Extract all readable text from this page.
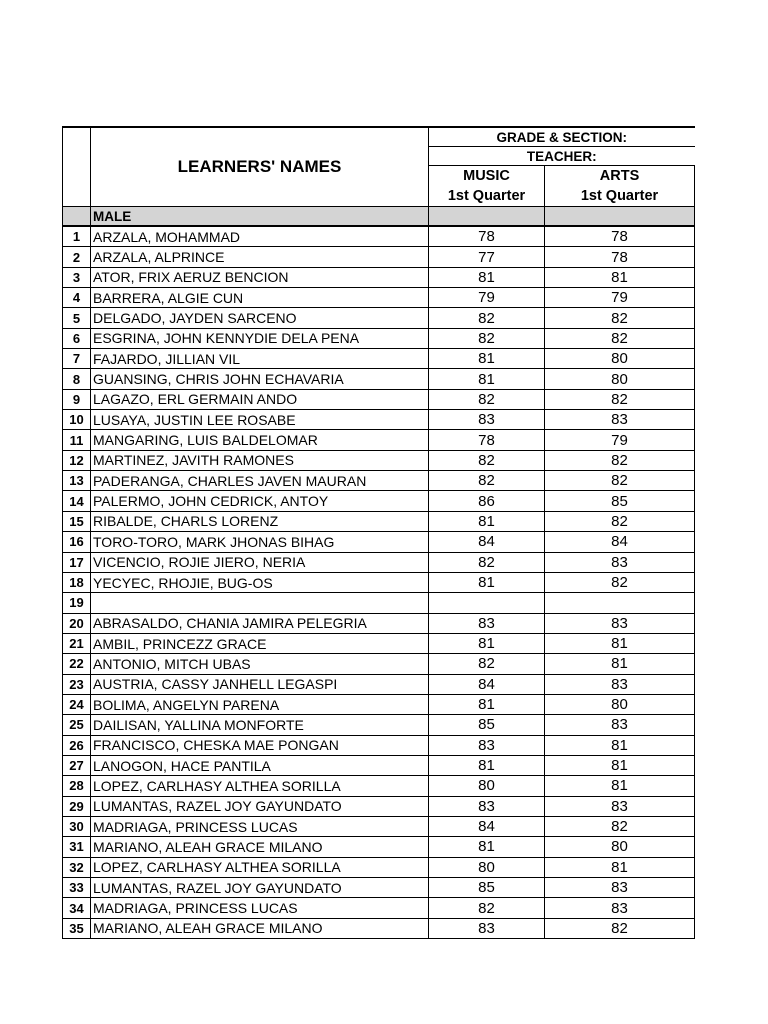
	LEARNERS' NAMES	GRADE & SECTION:	
		TEACHER:	
		MUSIC	ARTS
		1st Quarter	1st Quarter
	MALE		
1	ARZALA, MOHAMMAD	78	78
2	ARZALA, ALPRINCE	77	78
3	ATOR, FRIX AERUZ BENCION	81	81
4	BARRERA, ALGIE CUN	79	79
5	DELGADO, JAYDEN SARCENO	82	82
6	ESGRINA, JOHN KENNYDIE DELA PENA	82	82
7	FAJARDO, JILLIAN VIL	81	80
8	GUANSING, CHRIS JOHN ECHAVARIA	81	80
9	LAGAZO, ERL GERMAIN ANDO	82	82
10	LUSAYA, JUSTIN LEE ROSABE	83	83
11	MANGARING, LUIS BALDELOMAR	78	79
12	MARTINEZ, JAVITH RAMONES	82	82
13	PADERANGA, CHARLES JAVEN MAURAN	82	82
14	PALERMO, JOHN CEDRICK, ANTOY	86	85
15	RIBALDE, CHARLS LORENZ	81	82
16	TORO-TORO, MARK JHONAS BIHAG	84	84
17	VICENCIO, ROJIE JIERO, NERIA	82	83
18	YECYEC, RHOJIE, BUG-OS	81	82
19			
20	ABRASALDO, CHANIA JAMIRA PELEGRIA	83	83
21	AMBIL, PRINCEZZ GRACE	81	81
22	ANTONIO, MITCH UBAS	82	81
23	AUSTRIA, CASSY JANHELL LEGASPI	84	83
24	BOLIMA, ANGELYN PARENA	81	80
25	DAILISAN, YALLINA MONFORTE	85	83
26	FRANCISCO, CHESKA MAE PONGAN	83	81
27	LANOGON, HACE PANTILA	81	81
28	LOPEZ, CARLHASY ALTHEA SORILLA	80	81
29	LUMANTAS, RAZEL JOY GAYUNDATO	83	83
30	MADRIAGA, PRINCESS LUCAS	84	82
31	MARIANO, ALEAH GRACE MILANO	81	80
32	LOPEZ, CARLHASY ALTHEA SORILLA	80	81
33	LUMANTAS, RAZEL JOY GAYUNDATO	85	83
34	MADRIAGA, PRINCESS LUCAS	82	83
35	MARIANO, ALEAH GRACE MILANO	83	82
